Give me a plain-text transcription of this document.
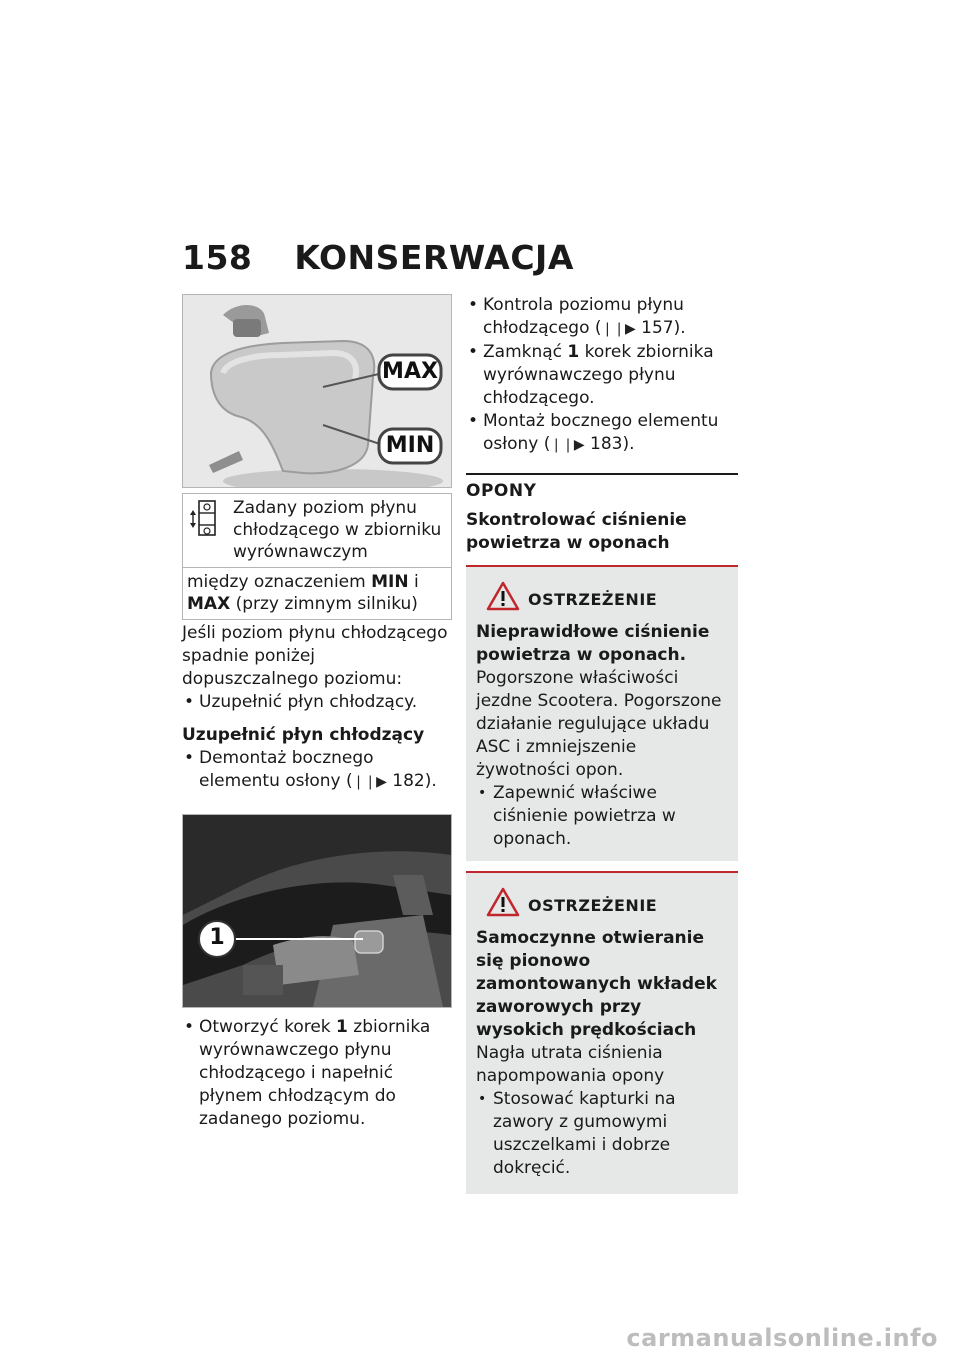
158 KONSERWACJA
MAX
MIN
Zadany poziom płynu chłodzącego w zbiorniku wyrównawczym
między oznaczeniem MIN i MAX (przy zimnym silniku)
Jeśli poziom płynu chłodzącego spadnie poniżej dopuszczalnego poziomu:
• Uzupełnić płyn chłodzący.
Uzupełnić płyn chłodzący
• Demontaż bocznego elementu osłony (❘❘▶ 182).
1
• Otworzyć korek 1 zbiornika wyrównawczego płynu chłodzącego i napełnić płynem chłodzącym do zadanego poziomu.
• Kontrola poziomu płynu chłodzącego (❘❘▶ 157).
• Zamknąć 1 korek zbiornika wyrównawczego płynu chłodzącego.
• Montaż bocznego elementu osłony (❘❘▶ 183).
OPONY
Skontrolować ciśnienie powietrza w oponach
OSTRZEŻENIE
Nieprawidłowe ciśnienie powietrza w oponach.
Pogorszone właściwości jezdne Scootera. Pogorszone działanie regulujące układu ASC i zmniejszenie żywotności opon.
• Zapewnić właściwe ciśnienie powietrza w oponach.
OSTRZEŻENIE
Samoczynne otwieranie się pionowo zamontowanych wkładek zaworowych przy wysokich prędkościach
Nagła utrata ciśnienia napompowania opony
• Stosować kapturki na zawory z gumowymi uszczelkami i dobrze dokręcić.
carmanualsonline.info
